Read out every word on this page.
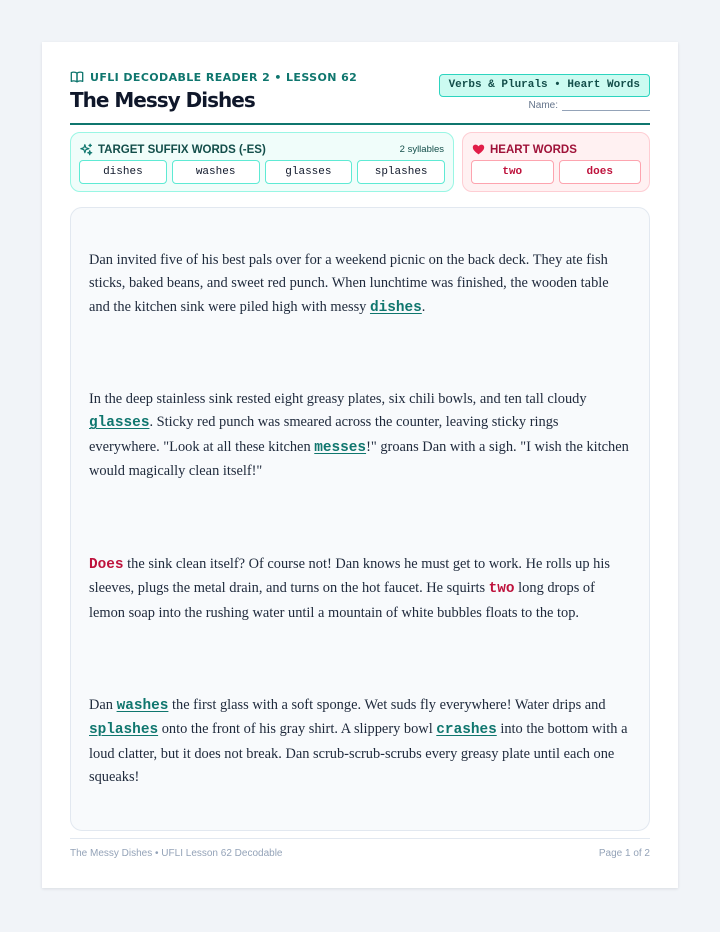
UFLI DECODABLE READER 2 • LESSON 62
The Messy Dishes
Verbs & Plurals • Heart Words
Name:
TARGET SUFFIX WORDS (-ES)	2 syllables
dishes	washes	glasses	splashes
HEART WORDS
two	does

Dan invited five of his best pals over for a weekend picnic on the back deck. They ate fish sticks, baked beans, and sweet red punch. When lunchtime was finished, the wooden table and the kitchen sink were piled high with messy dishes.

In the deep stainless sink rested eight greasy plates, six chili bowls, and ten tall cloudy glasses. Sticky red punch was smeared across the counter, leaving sticky rings everywhere. "Look at all these kitchen messes!" groans Dan with a sigh. "I wish the kitchen would magically clean itself!"

Does the sink clean itself? Of course not! Dan knows he must get to work. He rolls up his sleeves, plugs the metal drain, and turns on the hot faucet. He squirts two long drops of lemon soap into the rushing water until a mountain of white bubbles floats to the top.

Dan washes the first glass with a soft sponge. Wet suds fly everywhere! Water drips and splashes onto the front of his gray shirt. A slippery bowl crashes into the bottom with a loud clatter, but it does not break. Dan scrub-scrub-scrubs every greasy plate until each one squeaks!

The Messy Dishes • UFLI Lesson 62 Decodable	Page 1 of 2
